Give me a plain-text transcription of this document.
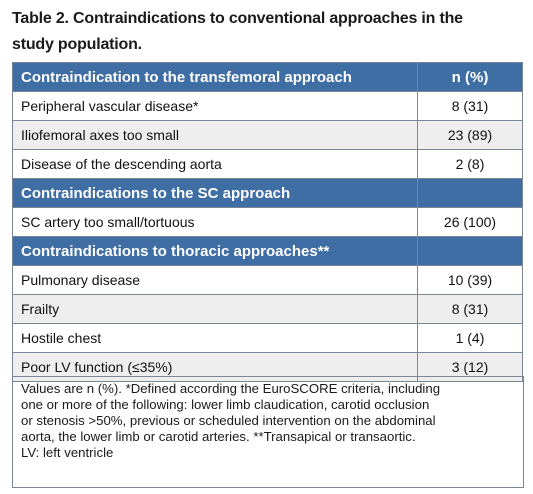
Table 2. Contraindications to conventional approaches in the
study population.
Contraindication to the transfemoral approach	n (%)
Peripheral vascular disease*	8 (31)
Iliofemoral axes too small	23 (89)
Disease of the descending aorta	2 (8)
Contraindications to the SC approach	
SC artery too small/tortuous	26 (100)
Contraindications to thoracic approaches**	
Pulmonary disease	10 (39)
Frailty	8 (31)
Hostile chest	1 (4)
Poor LV function (≤35%)	3 (12)
Values are n (%). *Defined according the EuroSCORE criteria, including
one or more of the following: lower limb claudication, carotid occlusion
or stenosis >50%, previous or scheduled intervention on the abdominal
aorta, the lower limb or carotid arteries. **Transapical or transaortic.
LV: left ventricle
